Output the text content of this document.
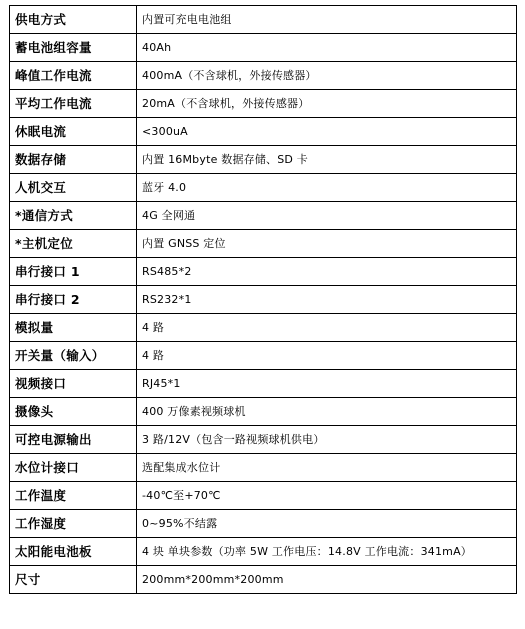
供电方式	内置可充电电池组
蓄电池组容量	40Ah
峰值工作电流	400mA（不含球机，外接传感器）
平均工作电流	20mA（不含球机，外接传感器）
休眠电流	<300uA
数据存储	内置 16Mbyte 数据存储、SD 卡
人机交互	蓝牙 4.0
*通信方式	4G 全网通
*主机定位	内置 GNSS 定位
串行接口 1	RS485*2
串行接口 2	RS232*1
模拟量	4 路
开关量（输入）	4 路
视频接口	RJ45*1
摄像头	400 万像素视频球机
可控电源输出	3 路/12V（包含一路视频球机供电）
水位计接口	选配集成水位计
工作温度	-40℃至+70℃
工作湿度	0~95%不结露
太阳能电池板	4 块 单块参数（功率 5W 工作电压：14.8V 工作电流：341mA）
尺寸	200mm*200mm*200mm
